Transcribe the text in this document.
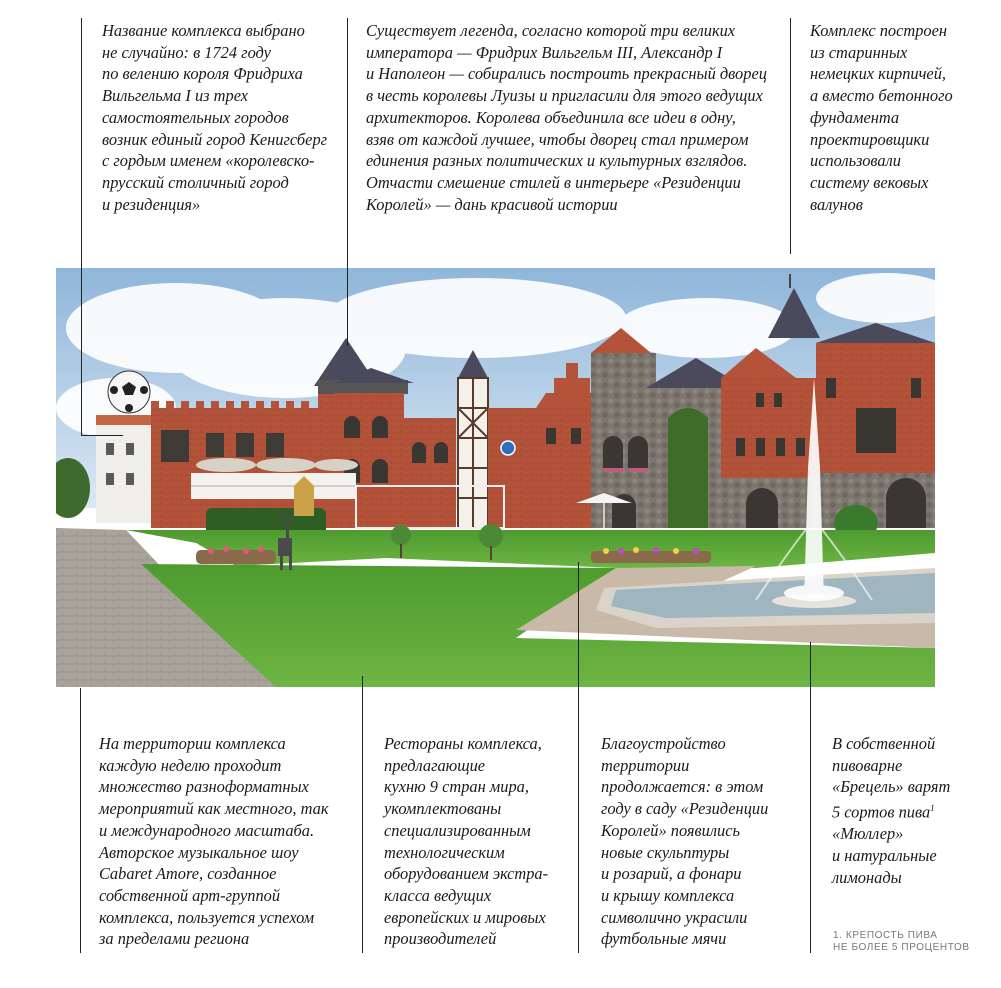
Название комплекса выбрано
не случайно: в 1724 году
по велению короля Фридриха
Вильгельма I из трех
самостоятельных городов
возник единый город Кенигсберг
с гордым именем «королевско-
прусский столичный город
и резиденция»
Существует легенда, согласно которой три великих
императора — Фридрих Вильгельм III, Александр I
и Наполеон — собирались построить прекрасный дворец
в честь королевы Луизы и пригласили для этого ведущих
архитекторов. Королева объединила все идеи в одну,
взяв от каждой лучшее, чтобы дворец стал примером
единения разных политических и культурных взглядов.
Отчасти смешение стилей в интерьере «Резиденции
Королей» — дань красивой истории
Комплекс построен
из старинных
немецких кирпичей,
а вместо бетонного
фундамента
проектировщики
использовали
систему вековых
валунов
На территории комплекса
каждую неделю проходит
множество разноформатных
мероприятий как местного, так
и международного масштаба.
Авторское музыкальное шоу
Cabaret Amore, созданное
собственной арт-группой
комплекса, пользуется успехом
за пределами региона
Рестораны комплекса,
предлагающие
кухню 9 стран мира,
укомплектованы
специализированным
технологическим
оборудованием экстра-
класса ведущих
европейских и мировых
производителей
Благоустройство
территории
продолжается: в этом
году в саду «Резиденции
Королей» появились
новые скульптуры
и розарий, а фонари
и крышу комплекса
символично украсили
футбольные мячи
В собственной
пивоварне
«Брецель» варят
5 сортов пива$^1$
«Мюллер»
и натуральные
лимонады
1. КРЕПОСТЬ ПИВА
НЕ БОЛЕЕ 5 ПРОЦЕНТОВ
